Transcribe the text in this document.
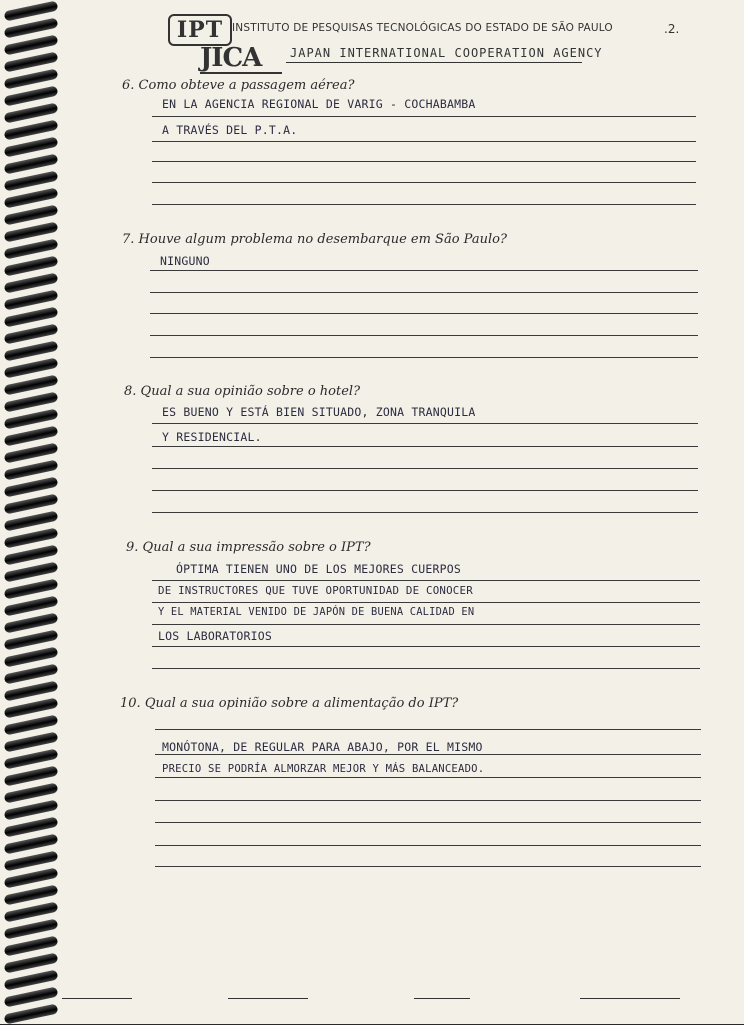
IPT INSTITUTO DE PESQUISAS TECNOLÓGICAS DO ESTADO DE SÃO PAULO	.2.
JICA	JAPAN INTERNATIONAL COOPERATION AGENCY
6. Como obteve a passagem aérea?
EN LA AGENCIA REGIONAL DE VARIG - COCHABAMBA
A TRAVÉS DEL P.T.A.
7. Houve algum problema no desembarque em São Paulo?
NINGUNO
8. Qual a sua opinião sobre o hotel?
ES BUENO Y ESTÁ BIEN SITUADO, ZONA TRANQUILA
Y RESIDENCIAL.
9. Qual a sua impressão sobre o IPT?
ÓPTIMA TIENEN UNO DE LOS MEJORES CUERPOS
DE INSTRUCTORES QUE TUVE OPORTUNIDAD DE CONOCER
Y EL MATERIAL VENIDO DE JAPÓN DE BUENA CALIDAD EN
LOS LABORATORIOS
10. Qual a sua opinião sobre a alimentação do IPT?
MONÓTONA, DE REGULAR PARA ABAJO, POR EL MISMO
PRECIO SE PODRÍA ALMORZAR MEJOR Y MÁS BALANCEADO.
